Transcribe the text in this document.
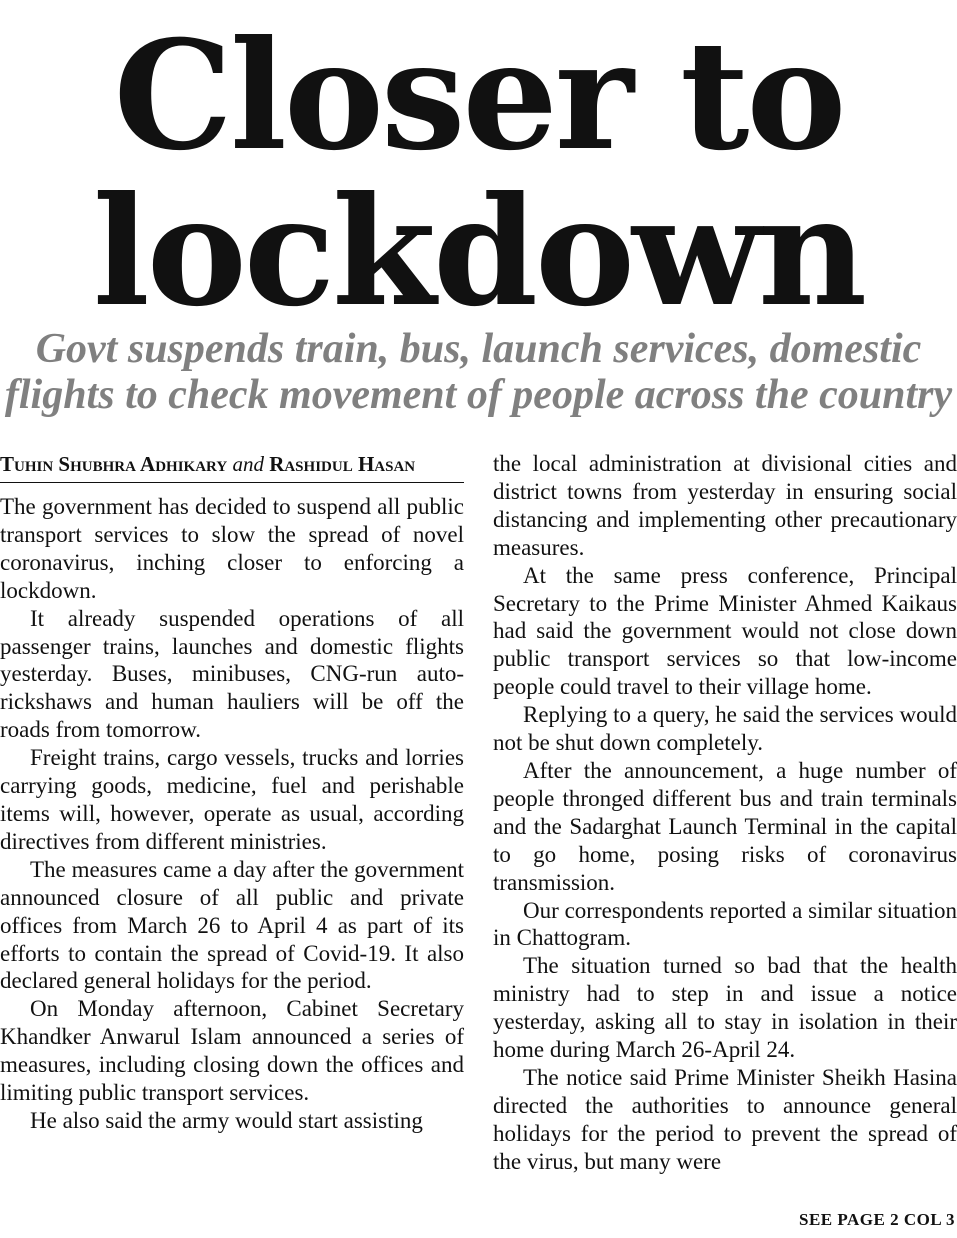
Closer to
lockdown
Govt suspends train, bus, launch services, domestic
flights to check movement of people across the country
Tuhin Shubhra Adhikary and Rashidul Hasan

The government has decided to suspend all public transport services to slow the spread of novel coronavirus, inching closer to enforcing a lockdown.

It already suspended operations of all passenger trains, launches and domestic flights yesterday. Buses, minibuses, CNG-run auto-rickshaws and human hauliers will be off the roads from tomorrow.

Freight trains, cargo vessels, trucks and lorries carrying goods, medicine, fuel and perishable items will, however, operate as usual, according directives from different ministries.

The measures came a day after the government announced closure of all public and private offices from March 26 to April 4 as part of its efforts to contain the spread of Covid-19. It also declared general holidays for the period.

On Monday afternoon, Cabinet Secretary Khandker Anwarul Islam announced a series of measures, including closing down the offices and limiting public transport services.

He also said the army would start assisting

the local administration at divisional cities and district towns from yesterday in ensuring social distancing and implementing other precautionary measures.

At the same press conference, Principal Secretary to the Prime Minister Ahmed Kaikaus had said the government would not close down public transport services so that low-income people could travel to their village home.

Replying to a query, he said the services would not be shut down completely.

After the announcement, a huge number of people thronged different bus and train terminals and the Sadarghat Launch Terminal in the capital to go home, posing risks of coronavirus transmission.

Our correspondents reported a similar situation in Chattogram.

The situation turned so bad that the health ministry had to step in and issue a notice yesterday, asking all to stay in isolation in their home during March 26-April 24.

The notice said Prime Minister Sheikh Hasina directed the authorities to announce general holidays for the period to prevent the spread of the virus, but many were

SEE PAGE 2 COL 3
